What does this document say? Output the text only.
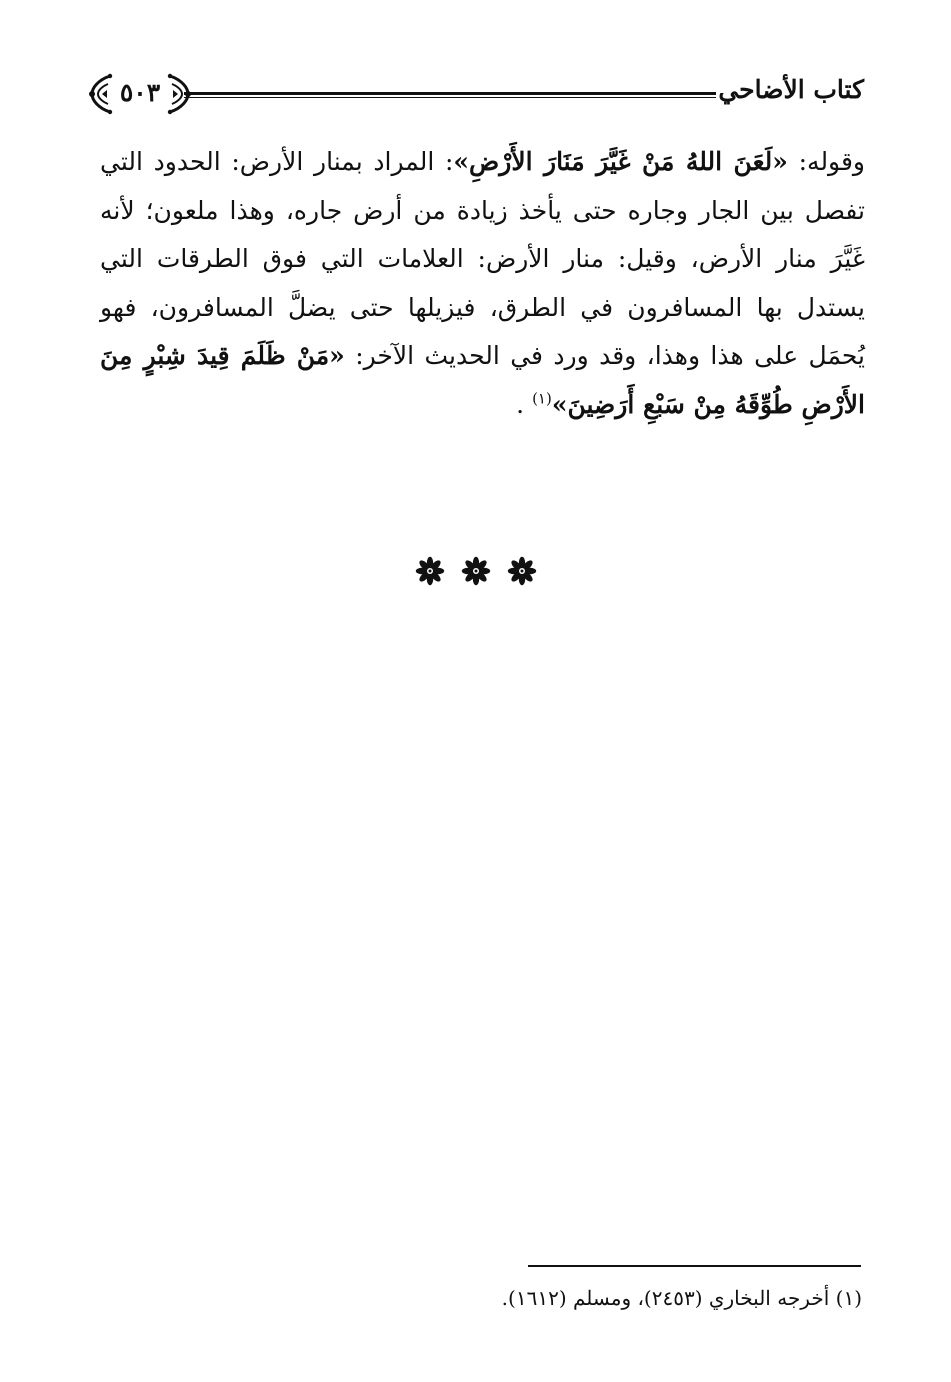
كتاب الأضاحي
٥٠٣

وقوله: «لَعَنَ اللهُ مَنْ غَيَّرَ مَنَارَ الأَرْضِ»: المراد بمنار الأرض: الحدود التي تفصل بين الجار وجاره حتى يأخذ زيادة من أرض جاره، وهذا ملعون؛ لأنه غَيَّرَ منار الأرض، وقيل: منار الأرض: العلامات التي فوق الطرقات التي يستدل بها المسافرون في الطرق، فيزيلها حتى يضلَّ المسافرون، فهو يُحمَل على هذا وهذا، وقد ورد في الحديث الآخر: «مَنْ ظَلَمَ قِيدَ شِبْرٍ مِنَ الأَرْضِ طُوِّقَهُ مِنْ سَبْعِ أَرَضِينَ»$^{(١)}$ .

(١) أخرجه البخاري (٢٤٥٣)، ومسلم (١٦١٢).
